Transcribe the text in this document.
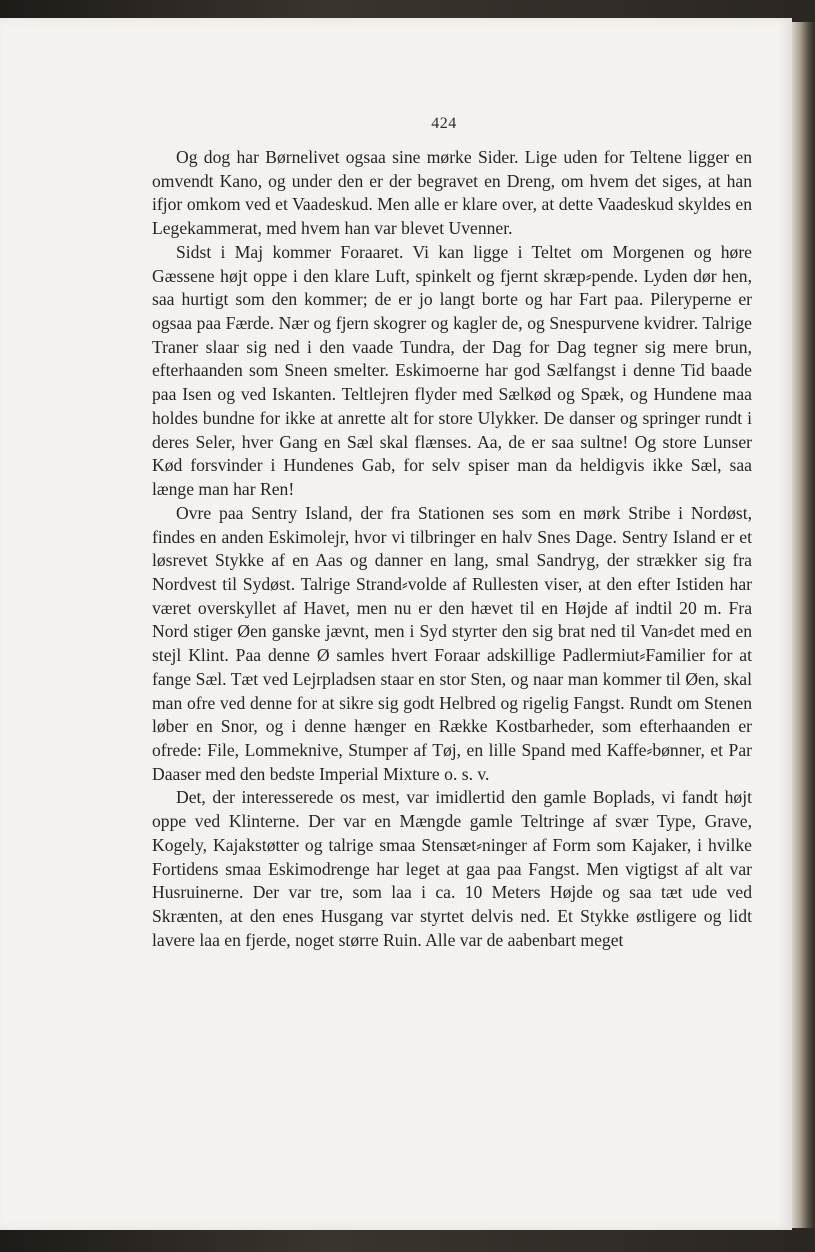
424

Og dog har Børnelivet ogsaa sine mørke Sider. Lige uden for Teltene ligger en omvendt Kano, og under den er der begravet en Dreng, om hvem det siges, at han ifjor omkom ved et Vaadeskud. Men alle er klare over, at dette Vaadeskud skyldes en Legekammerat, med hvem han var blevet Uvenner.

Sidst i Maj kommer Foraaret. Vi kan ligge i Teltet om Morgenen og høre Gæssene højt oppe i den klare Luft, spinkelt og fjernt skræp⸗pende. Lyden dør hen, saa hurtigt som den kommer; de er jo langt borte og har Fart paa. Pileryperne er ogsaa paa Færde. Nær og fjern skogrer og kagler de, og Snespurvene kvidrer. Talrige Traner slaar sig ned i den vaade Tundra, der Dag for Dag tegner sig mere brun, efterhaanden som Sneen smelter. Eskimoerne har god Sælfangst i denne Tid baade paa Isen og ved Iskanten. Teltlejren flyder med Sælkød og Spæk, og Hundene maa holdes bundne for ikke at anrette alt for store Ulykker. De danser og springer rundt i deres Seler, hver Gang en Sæl skal flænses. Aa, de er saa sultne! Og store Lunser Kød forsvinder i Hundenes Gab, for selv spiser man da heldigvis ikke Sæl, saa længe man har Ren!

Ovre paa Sentry Island, der fra Stationen ses som en mørk Stribe i Nordøst, findes en anden Eskimolejr, hvor vi tilbringer en halv Snes Dage. Sentry Island er et løsrevet Stykke af en Aas og danner en lang, smal Sandryg, der strækker sig fra Nordvest til Sydøst. Talrige Strand⸗volde af Rullesten viser, at den efter Istiden har været overskyllet af Havet, men nu er den hævet til en Højde af indtil 20 m. Fra Nord stiger Øen ganske jævnt, men i Syd styrter den sig brat ned til Van⸗det med en stejl Klint. Paa denne Ø samles hvert Foraar adskillige Padlermiut⸗Familier for at fange Sæl. Tæt ved Lejrpladsen staar en stor Sten, og naar man kommer til Øen, skal man ofre ved denne for at sikre sig godt Helbred og rigelig Fangst. Rundt om Stenen løber en Snor, og i denne hænger en Række Kostbarheder, som efterhaanden er ofrede: File, Lommeknive, Stumper af Tøj, en lille Spand med Kaffe⸗bønner, et Par Daaser med den bedste Imperial Mixture o. s. v.

Det, der interesserede os mest, var imidlertid den gamle Boplads, vi fandt højt oppe ved Klinterne. Der var en Mængde gamle Teltringe af svær Type, Grave, Kogely, Kajakstøtter og talrige smaa Stensæt⸗ninger af Form som Kajaker, i hvilke Fortidens smaa Eskimodrenge har leget at gaa paa Fangst. Men vigtigst af alt var Husruinerne. Der var tre, som laa i ca. 10 Meters Højde og saa tæt ude ved Skrænten, at den enes Husgang var styrtet delvis ned. Et Stykke østligere og lidt lavere laa en fjerde, noget større Ruin. Alle var de aabenbart meget
